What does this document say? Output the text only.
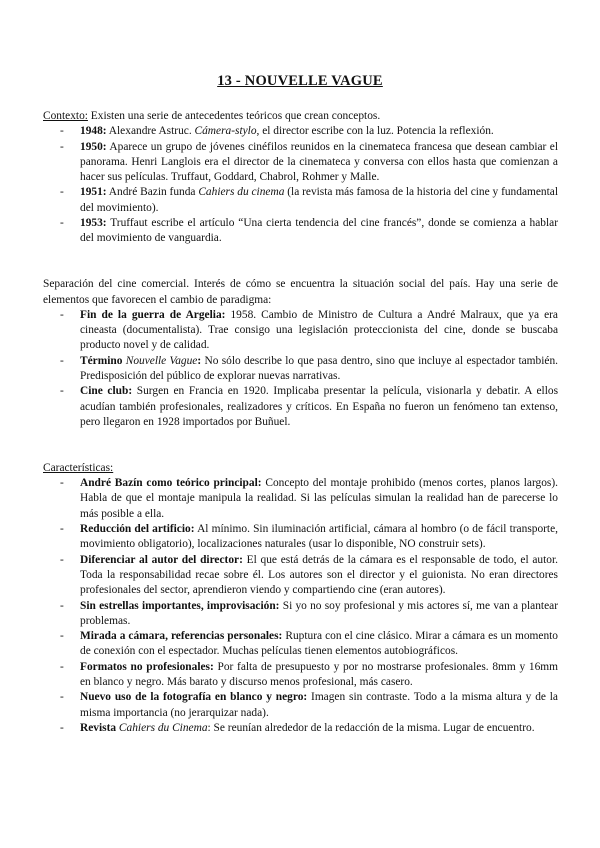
13 - NOUVELLE VAGUE

Contexto: Existen una serie de antecedentes teóricos que crean conceptos.

- 1948: Alexandre Astruc. Cámera-stylo, el director escribe con la luz. Potencia la reflexión.
- 1950: Aparece un grupo de jóvenes cinéfilos reunidos en la cinemateca francesa que desean cambiar el panorama. Henri Langlois era el director de la cinemateca y conversa con ellos hasta que comienzan a hacer sus películas. Truffaut, Goddard, Chabrol, Rohmer y Malle.
- 1951: André Bazin funda Cahiers du cinema (la revista más famosa de la historia del cine y fundamental del movimiento).
- 1953: Truffaut escribe el artículo “Una cierta tendencia del cine francés”, donde se comienza a hablar del movimiento de vanguardia.

Separación del cine comercial. Interés de cómo se encuentra la situación social del país. Hay una serie de elementos que favorecen el cambio de paradigma:

- Fin de la guerra de Argelia: 1958. Cambio de Ministro de Cultura a André Malraux, que ya era cineasta (documentalista). Trae consigo una legislación proteccionista del cine, donde se buscaba producto novel y de calidad.
- Término Nouvelle Vague: No sólo describe lo que pasa dentro, sino que incluye al espectador también. Predisposición del público de explorar nuevas narrativas.
- Cine club: Surgen en Francia en 1920. Implicaba presentar la película, visionarla y debatir. A ellos acudían también profesionales, realizadores y críticos. En España no fueron un fenómeno tan extenso, pero llegaron en 1928 importados por Buñuel.

Características:

- André Bazín como teórico principal: Concepto del montaje prohibido (menos cortes, planos largos). Habla de que el montaje manipula la realidad. Si las películas simulan la realidad han de parecerse lo más posible a ella.
- Reducción del artificio: Al mínimo. Sin iluminación artificial, cámara al hombro (o de fácil transporte, movimiento obligatorio), localizaciones naturales (usar lo disponible, NO construir sets).
- Diferenciar al autor del director: El que está detrás de la cámara es el responsable de todo, el autor. Toda la responsabilidad recae sobre él. Los autores son el director y el guionista. No eran directores profesionales del sector, aprendieron viendo y compartiendo cine (eran autores).
- Sin estrellas importantes, improvisación: Si yo no soy profesional y mis actores sí, me van a plantear problemas.
- Mirada a cámara, referencias personales: Ruptura con el cine clásico. Mirar a cámara es un momento de conexión con el espectador. Muchas películas tienen elementos autobiográficos.
- Formatos no profesionales: Por falta de presupuesto y por no mostrarse profesionales. 8mm y 16mm en blanco y negro. Más barato y discurso menos profesional, más casero.
- Nuevo uso de la fotografía en blanco y negro: Imagen sin contraste. Todo a la misma altura y de la misma importancia (no jerarquizar nada).
- Revista Cahiers du Cinema: Se reunían alrededor de la redacción de la misma. Lugar de encuentro.
